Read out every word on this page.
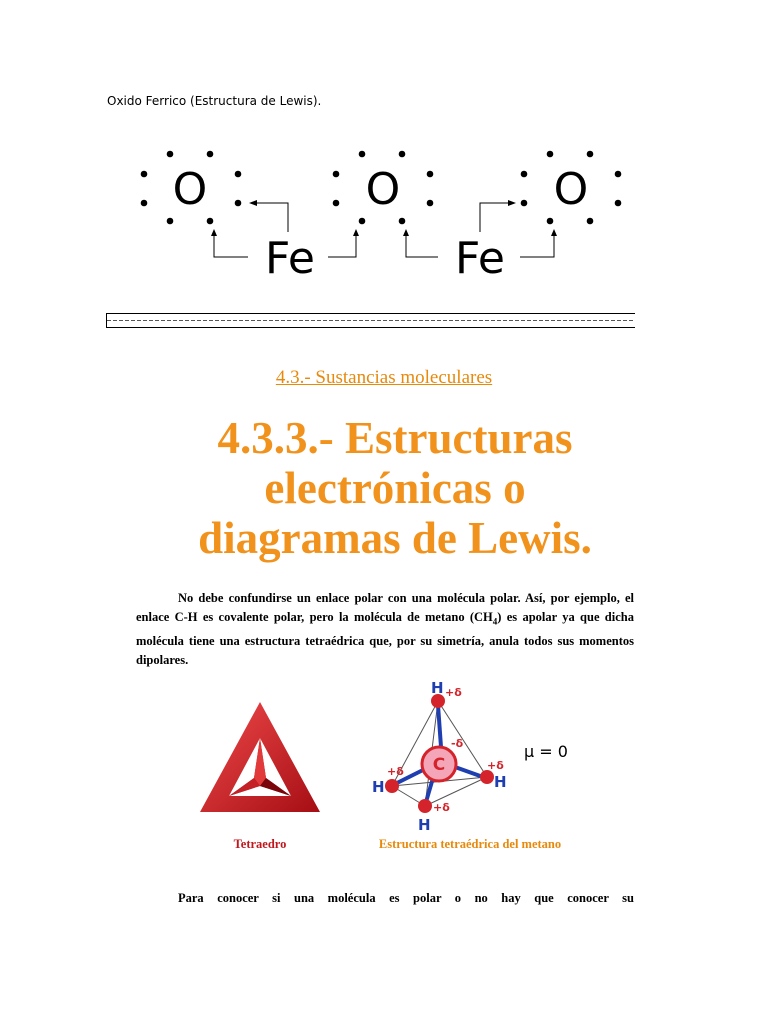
Oxido Ferrico (Estructura de Lewis).
O	O	O
Fe	Fe
4.3.- Sustancias moleculares
4.3.3.- Estructuras
electrónicas o
diagramas de Lewis.
No debe confundirse un enlace polar con una molécula polar. Así, por ejemplo, el enlace C-H es covalente polar, pero la molécula de metano $(CH_4)$ es apolar ya que dicha molécula tiene una estructura tetraédrica que, por su simetría, anula todos sus momentos dipolares.
C
H
H	H
H
+δ
+δ	+δ
+δ
-δ	μ = 0
Tetraedro	Estructura tetraédrica del metano
Para conocer si una molécula es polar o no hay que conocer su
